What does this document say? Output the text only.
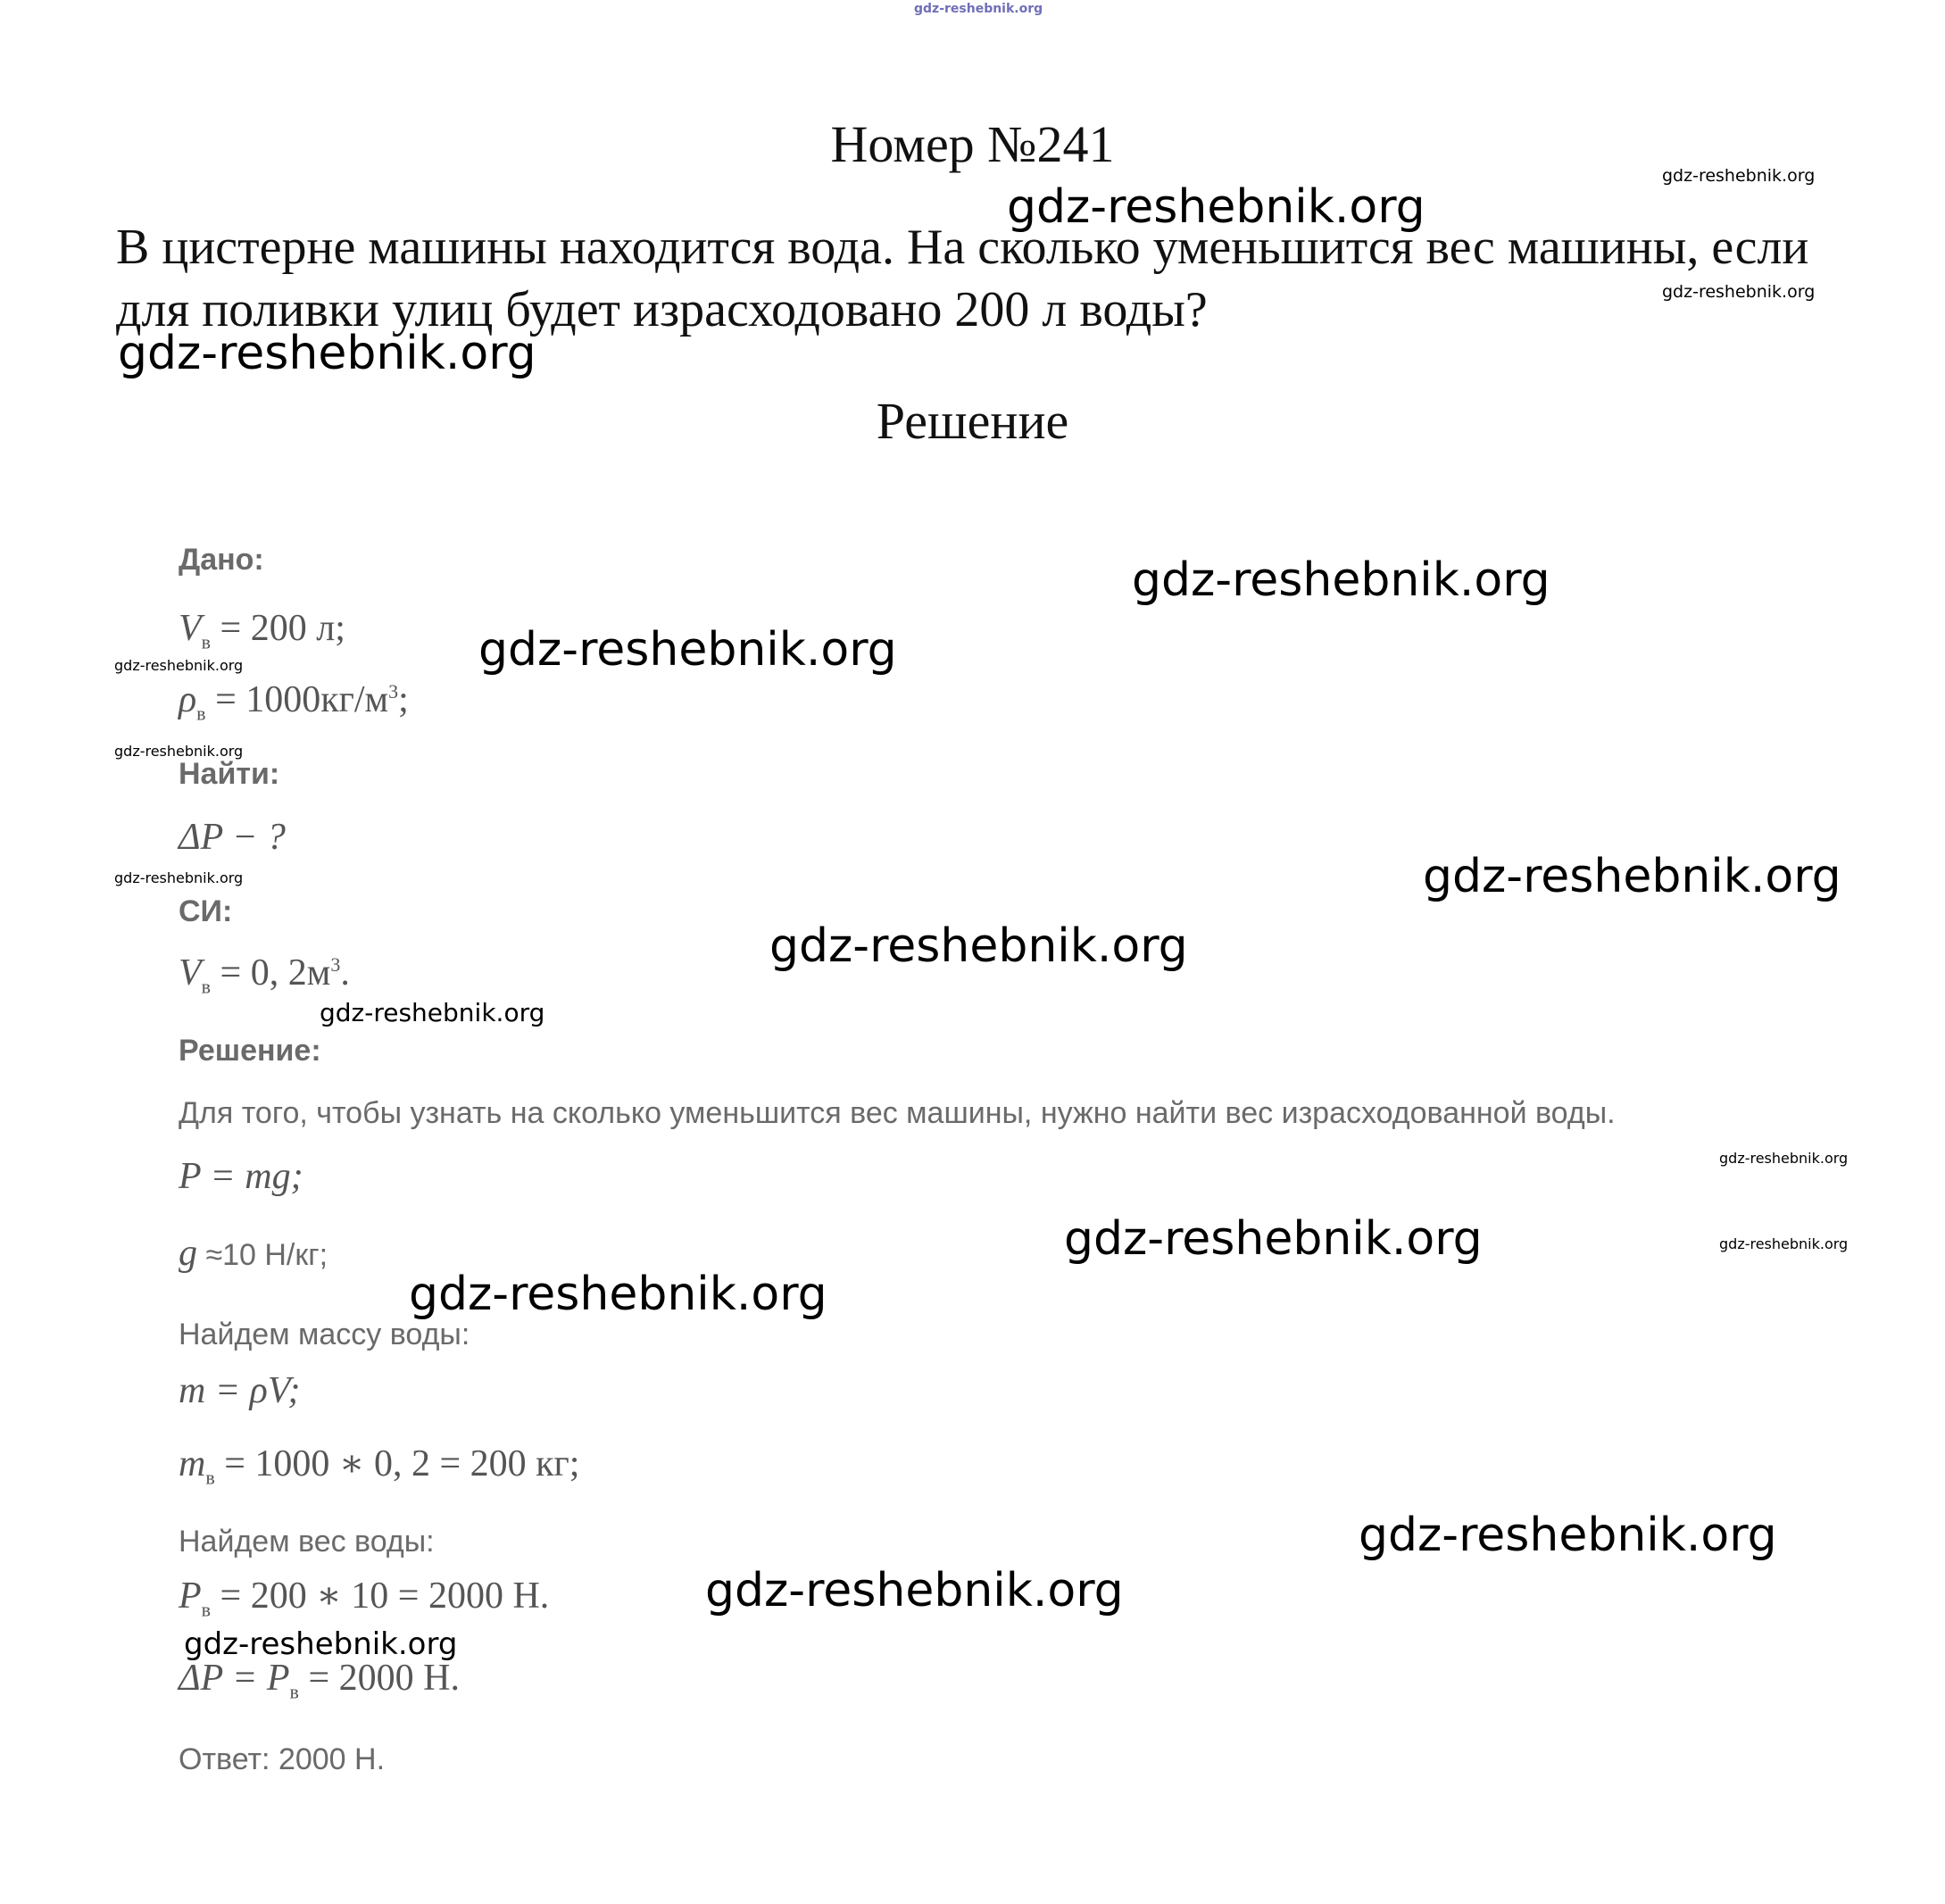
gdz-reshebnik.org
Номер №241
В цистерне машины находится вода. На сколько уменьшится вес машины, если для поливки улиц будет израсходовано 200 л воды?
Решение
Дано:
$V_в = 200$ л;
$\rho_в = 1000кг/м^3$;
Найти:
ΔP − ?
СИ:
$V_в = 0$, $2м^3$.
Решение:
Для того, чтобы узнать на сколько уменьшится вес машины, нужно найти вес израсходованной воды.
P = mg;
g ≈10 Н/кг;
Найдем массу воды:
m = ρV;
$m_в = 1000$ ∗ 0, 2 = 200 кг;
Найдем вес воды:
$P_в = 200$ ∗ 10 = 2000 Н.
$\Delta P = P_в = 2000$ Н.
Ответ: 2000 Н.
gdz-reshebnik.org
gdz-reshebnik.org
gdz-reshebnik.org
gdz-reshebnik.org
gdz-reshebnik.org
gdz-reshebnik.org
gdz-reshebnik.org
gdz-reshebnik.org
gdz-reshebnik.org
gdz-reshebnik.org
gdz-reshebnik.org
gdz-reshebnik.org
gdz-reshebnik.org
gdz-reshebnik.org	gdz-reshebnik.org
gdz-reshebnik.org
gdz-reshebnik.org
gdz-reshebnik.org
gdz-reshebnik.org
